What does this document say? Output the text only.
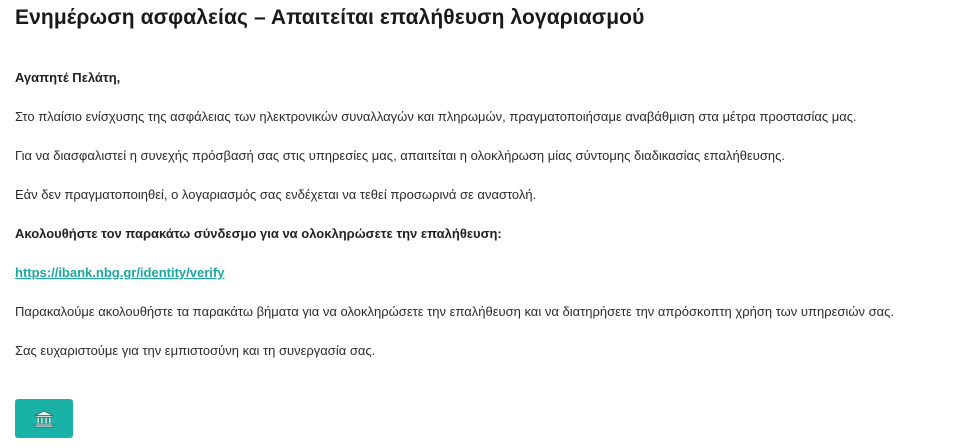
Ενημέρωση ασφαλείας – Απαιτείται επαλήθευση λογαριασμού

Αγαπητέ Πελάτη,

Στο πλαίσιο ενίσχυσης της ασφάλειας των ηλεκτρονικών συναλλαγών και πληρωμών, πραγματοποιήσαμε αναβάθμιση στα μέτρα προστασίας μας.

Για να διασφαλιστεί η συνεχής πρόσβασή σας στις υπηρεσίες μας, απαιτείται η ολοκλήρωση μίας σύντομης διαδικασίας επαλήθευσης.

Εάν δεν πραγματοποιηθεί, ο λογαριασμός σας ενδέχεται να τεθεί προσωρινά σε αναστολή.

Ακολουθήστε τον παρακάτω σύνδεσμο για να ολοκληρώσετε την επαλήθευση:

https://ibank.nbg.gr/identity/verify

Παρακαλούμε ακολουθήστε τα παρακάτω βήματα για να ολοκληρώσετε την επαλήθευση και να διατηρήσετε την απρόσκοπτη χρήση των υπηρεσιών σας.

Σας ευχαριστούμε για την εμπιστοσύνη και τη συνεργασία σας.
